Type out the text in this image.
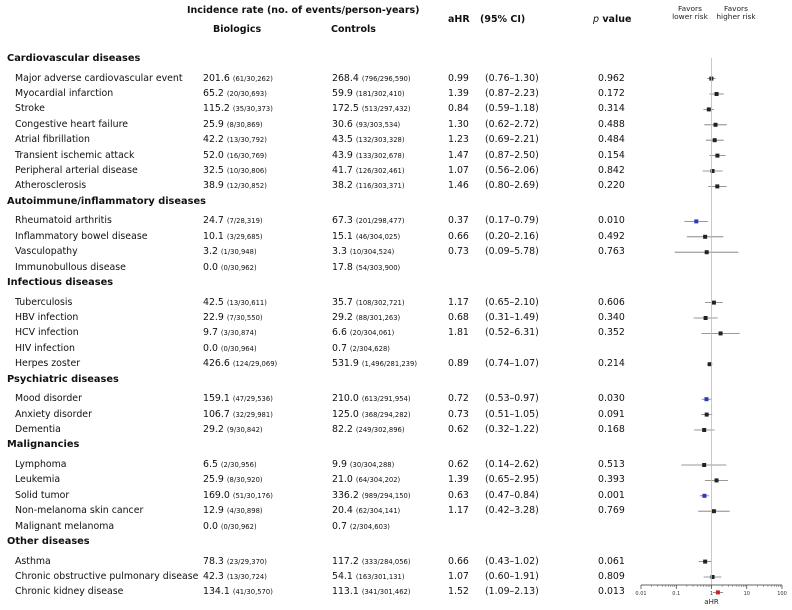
Incidence rate (no. of events/person-years)
Biologics	Controls
aHR (95% CI)	p value
Favors
lower risk
Favors
higher risk
Cardiovascular diseases
Major adverse cardiovascular event 201.6 (61/30,262)	268.4 (796/296,590)	0.99 (0.76–1.30)	0.962
Myocardial infarction	65.2 (20/30,693)	59.9 (181/302,410)	1.39 (0.87–2.23)	0.172
Stroke	115.2 (35/30,373)	172.5 (513/297,432)	0.84 (0.59–1.18)	0.314
Congestive heart failure	25.9 (8/30,869)	30.6 (93/303,534)	1.30 (0.62–2.72)	0.488
Atrial fibrillation	42.2 (13/30,792)	43.5 (132/303,328)	1.23 (0.69–2.21)	0.484
Transient ischemic attack	52.0 (16/30,769)	43.9 (133/302,678)	1.47 (0.87–2.50)	0.154
Peripheral arterial disease	32.5 (10/30,806)	41.7 (126/302,461)	1.07 (0.56–2.06)	0.842
Atherosclerosis	38.9 (12/30,852)	38.2 (116/303,371)	1.46 (0.80–2.69)	0.220
Autoimmune/inflammatory diseases
Rheumatoid arthritis	24.7 (7/28,319)	67.3 (201/298,477)	0.37 (0.17–0.79)	0.010
Inflammatory bowel disease	10.1 (3/29,685)	15.1 (46/304,025)	0.66 (0.20–2.16)	0.492
Vasculopathy	3.2 (1/30,948)	3.3 (10/304,524)	0.73 (0.09–5.78)	0.763
Immunobullous disease	0.0 (0/30,962)	17.8 (54/303,900)
Infectious diseases
Tuberculosis	42.5 (13/30,611)	35.7 (108/302,721)	1.17 (0.65–2.10)	0.606
HBV infection	22.9 (7/30,550)	29.2 (88/301,263)	0.68 (0.31–1.49)	0.340
HCV infection	9.7 (3/30,874)	6.6 (20/304,061)	1.81 (0.52–6.31)	0.352
HIV infection	0.0 (0/30,964)	0.7 (2/304,628)
Herpes zoster	426.6 (124/29,069)	531.9 (1,496/281,239)	0.89 (0.74–1.07)	0.214
Psychiatric diseases
Mood disorder	159.1 (47/29,536)	210.0 (613/291,954)	0.72 (0.53–0.97)	0.030
Anxiety disorder	106.7 (32/29,981)	125.0 (368/294,282)	0.73 (0.51–1.05)	0.091
Dementia	29.2 (9/30,842)	82.2 (249/302,896)	0.62 (0.32–1.22)	0.168
Malignancies
Lymphoma	6.5 (2/30,956)	9.9 (30/304,288)	0.62 (0.14–2.62)	0.513
Leukemia	25.9 (8/30,920)	21.0 (64/304,202)	1.39 (0.65–2.95)	0.393
Solid tumor	169.0 (51/30,176)	336.2 (989/294,150)	0.63 (0.47–0.84)	0.001
Non-melanoma skin cancer	12.9 (4/30,898)	20.4 (62/304,141)	1.17 (0.42–3.28)	0.769
Malignant melanoma	0.0 (0/30,962)	0.7 (2/304,603)
Other diseases
Asthma	78.3 (23/29,370)	117.2 (333/284,056)	0.66 (0.43–1.02)	0.061
Chronic obstructive pulmonary disease 42.3 (13/30,724)	54.1 (163/301,131)	1.07 (0.60–1.91)	0.809
Chronic kidney disease	134.1 (41/30,570)	113.1 (341/301,462)	1.52 (1.09–2.13)	0.013 0.01	0.1	1	10	100
aHR
